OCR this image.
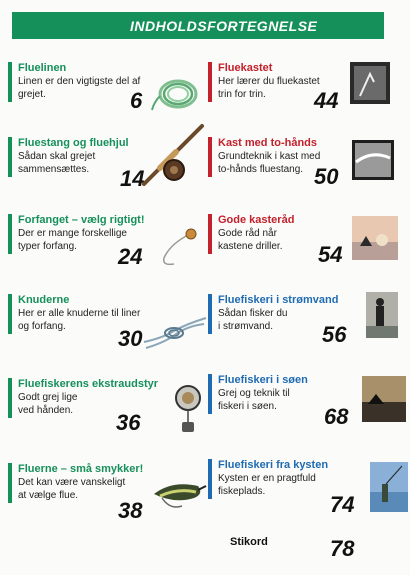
INDHOLDSFORTEGNELSE
Fluelinen
Linen er den vigtigste del af
grejet.	6
Fluestang og fluehjul
Sådan skal grejet
sammensættes. 14
Forfanget – vælg rigtigt!
Der er mange forskellige
typer forfang.	24
Knuderne
Her er alle knuderne til liner
og forfang.	30
Fluefiskerens ekstraudstyr
Godt grej lige
ved hånden. 36
Fluerne – små smykker!
Det kan være vanskeligt
at vælge flue.
38
Fluekastet
Her lærer du fluekastet
trin for trin.	44
Kast med to-hånds
Grundteknik i kast med
to-hånds fluestang. 50
Gode kasteråd
Gode råd når
kastene driller. 54
Fluefiskeri i strømvand
Sådan fisker du
i strømvand.	56
Fluefiskeri i søen
Grej og teknik til
fiskeri i søen.	68
Fluefiskeri fra kysten
Kysten er en pragtfuld
fiskeplads.
74
Stikord	78
